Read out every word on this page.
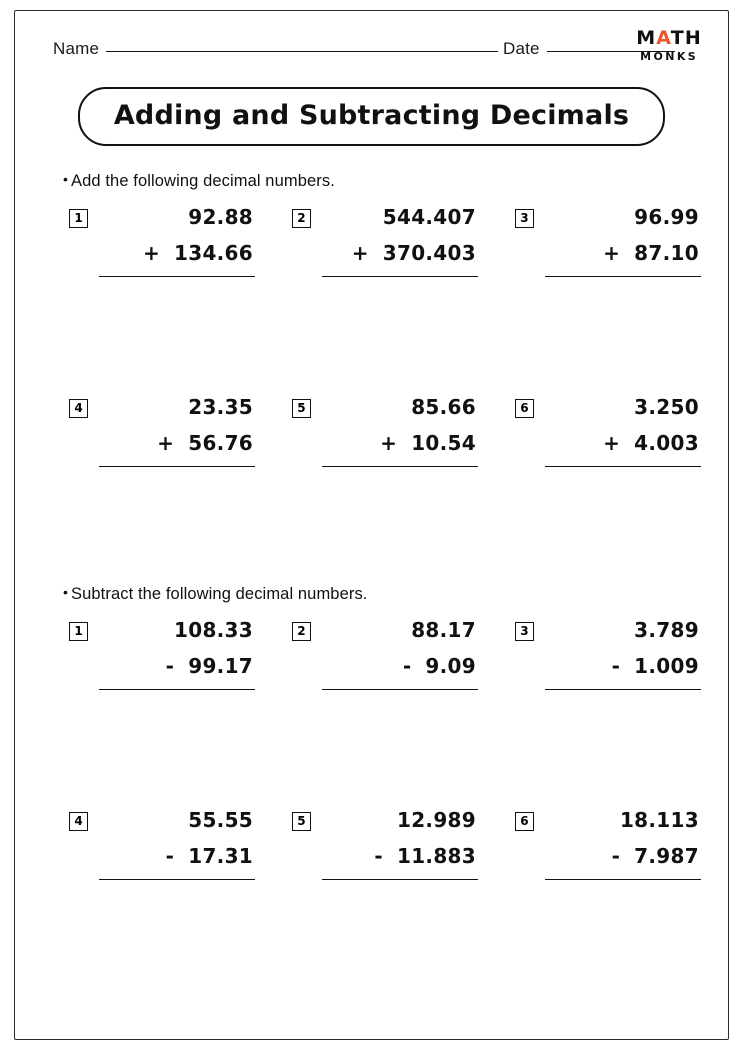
Name	Date	MATH
MONKS
Adding and Subtracting Decimals
• Add the following decimal numbers.
1	92.88
+ 134.66
2	544.407
+ 370.403
3	96.99
+ 87.10
4	23.35
+ 56.76
5	85.66
+ 10.54
6	3.250
+ 4.003
• Subtract the following decimal numbers.
1	108.33
- 99.17
2	88.17
- 9.09
3	3.789
- 1.009
4	55.55
- 17.31
5	12.989
- 11.883
6	18.113
- 7.987
